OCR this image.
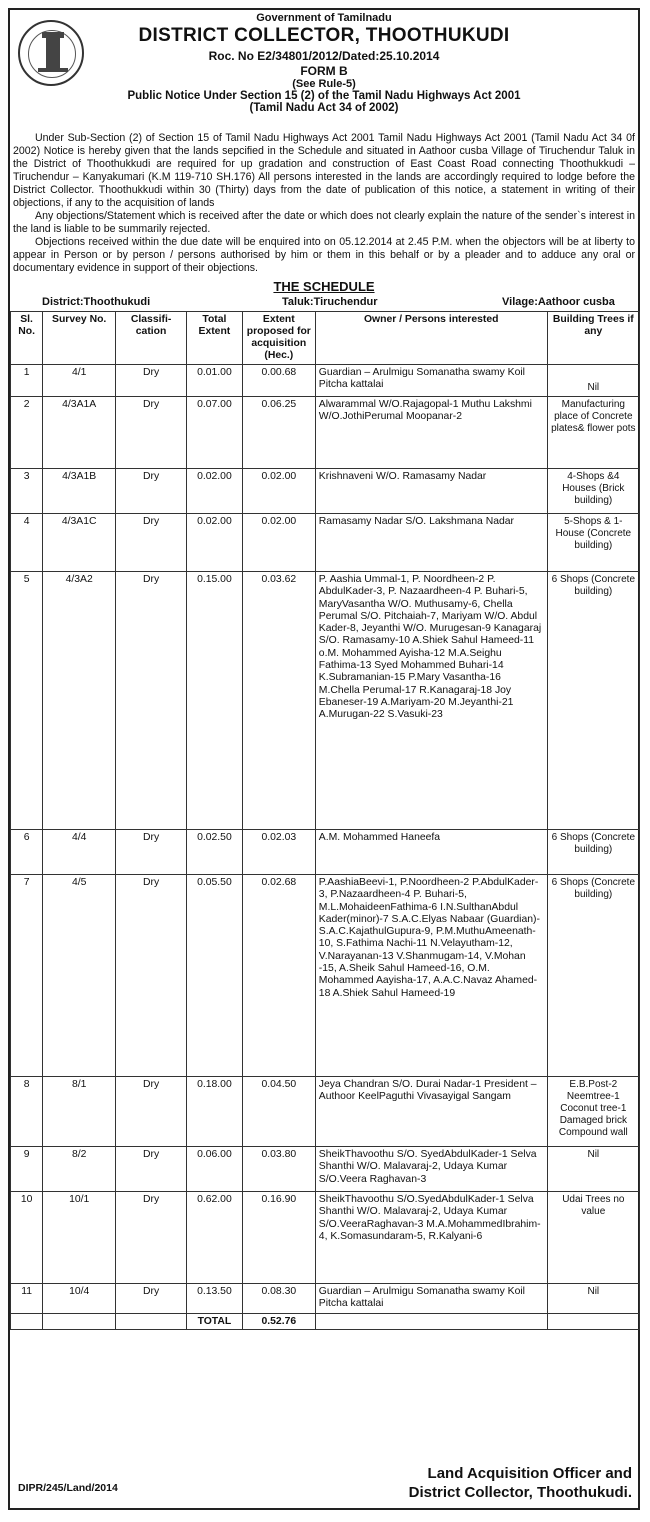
Government of Tamilnadu
DISTRICT COLLECTOR, THOOTHUKUDI
Roc. No E2/34801/2012/Dated:25.10.2014
FORM B
(See Rule-5)
Public Notice Under Section 15 (2) of the Tamil Nadu Highways Act 2001
(Tamil Nadu Act 34 of 2002)

Under Sub-Section (2) of Section 15 of Tamil Nadu Highways Act 2001 Tamil Nadu Highways Act 2001 (Tamil Nadu Act 34 0f 2002) Notice is hereby given that the lands sepcified in the Schedule and situated in Aathoor cusba Village of Tiruchendur Taluk in the District of Thoothukkudi are required for up gradation and construction of East Coast Road connecting Thoothukkudi – Tiruchendur – Kanyakumari (K.M 119-710 SH.176) All persons interested in the lands are accordingly required to lodge before the District Collector. Thoothukkudi within 30 (Thirty) days from the date of publication of this notice, a statement in writing of their objections, if any to the acquisition of lands

Any objections/Statement which is received after the date or which does not clearly explain the nature of the sender`s interest in the land is liable to be summarily rejected.

Objections received within the due date will be enquired into on 05.12.2014 at 2.45 P.M. when the objectors will be at liberty to appear in Person or by person / persons authorised by him or them in this behalf or by a pleader and to adduce any oral or documentary evidence in support of their objections.

THE SCHEDULE
District:Thoothukudi	Taluk:Tiruchendur	Vilage:Aathoor cusba
Sl. No.	Survey No.	Classifi- cation	Total Extent	Extent proposed for acquisition (Hec.)	Owner / Persons interested	Building Trees if any
1	4/1	Dry	0.01.00	0.00.68	Guardian – Arulmigu Somanatha swamy Koil Pitcha kattalai	Nil
2	4/3A1A	Dry	0.07.00	0.06.25	Alwarammal W/O.Rajagopal-1 Muthu Lakshmi W/O.JothiPerumal Moopanar-2	Manufacturing place of Concrete plates& flower pots
3	4/3A1B	Dry	0.02.00	0.02.00	Krishnaveni W/O. Ramasamy Nadar	4-Shops &4 Houses (Brick building)
4	4/3A1C	Dry	0.02.00	0.02.00	Ramasamy Nadar S/O. Lakshmana Nadar	5-Shops & 1-House (Concrete building)
5	4/3A2	Dry	0.15.00	0.03.62	P. Aashia Ummal-1, P. Noordheen-2 P. AbdulKader-3, P. Nazaardheen-4 P. Buhari-5, MaryVasantha W/O. Muthusamy-6, Chella Perumal S/O. Pitchaiah-7, Mariyam W/O. Abdul Kader-8, Jeyanthi W/O. Murugesan-9 Kanagaraj S/O. Ramasamy-10 A.Shiek Sahul Hameed-11 o.M. Mohammed Ayisha-12 M.A.Seighu Fathima-13 Syed Mohammed Buhari-14 K.Subramanian-15 P.Mary Vasantha-16 M.Chella Perumal-17 R.Kanagaraj-18 Joy Ebaneser-19 A.Mariyam-20 M.Jeyanthi-21 A.Murugan-22 S.Vasuki-23	6 Shops (Concrete building)
6	4/4	Dry	0.02.50	0.02.03	A.M. Mohammed Haneefa	6 Shops (Concrete building)
7	4/5	Dry	0.05.50	0.02.68	P.AashiaBeevi-1, P.Noordheen-2 P.AbdulKader-3, P.Nazaardheen-4 P. Buhari-5, M.L.MohaideenFathima-6 I.N.SulthanAbdul Kader(minor)-7 S.A.C.Elyas Nabaar (Guardian)- S.A.C.KajathulGupura-9, P.M.MuthuAmeenath-10, S.Fathima Nachi-11 N.Velayutham-12, V.Narayanan-13 V.Shanmugam-14, V.Mohan -15, A.Sheik Sahul Hameed-16, O.M. Mohammed Aayisha-17, A.A.C.Navaz Ahamed-18 A.Shiek Sahul Hameed-19	6 Shops (Concrete building)
8	8/1	Dry	0.18.00	0.04.50	Jeya Chandran S/O. Durai Nadar-1 President – Authoor KeelPaguthi Vivasayigal Sangam	E.B.Post-2 Neemtree-1 Coconut tree-1 Damaged brick Compound wall
9	8/2	Dry	0.06.00	0.03.80	SheikThavoothu S/O. SyedAbdulKader-1 Selva Shanthi W/O. Malavaraj-2, Udaya Kumar S/O.Veera Raghavan-3	Nil
10	10/1	Dry	0.62.00	0.16.90	SheikThavoothu S/O.SyedAbdulKader-1 Selva Shanthi W/O. Malavaraj-2, Udaya Kumar S/O.VeeraRaghavan-3 M.A.MohammedIbrahim-4, K.Somasundaram-5, R.Kalyani-6	Udai Trees no value
11	10/4	Dry	0.13.50	0.08.30	Guardian – Arulmigu Somanatha swamy Koil Pitcha kattalai	Nil
			TOTAL	0.52.76		
DIPR/245/Land/2014
Land Acquisition Officer and
District Collector, Thoothukudi.
